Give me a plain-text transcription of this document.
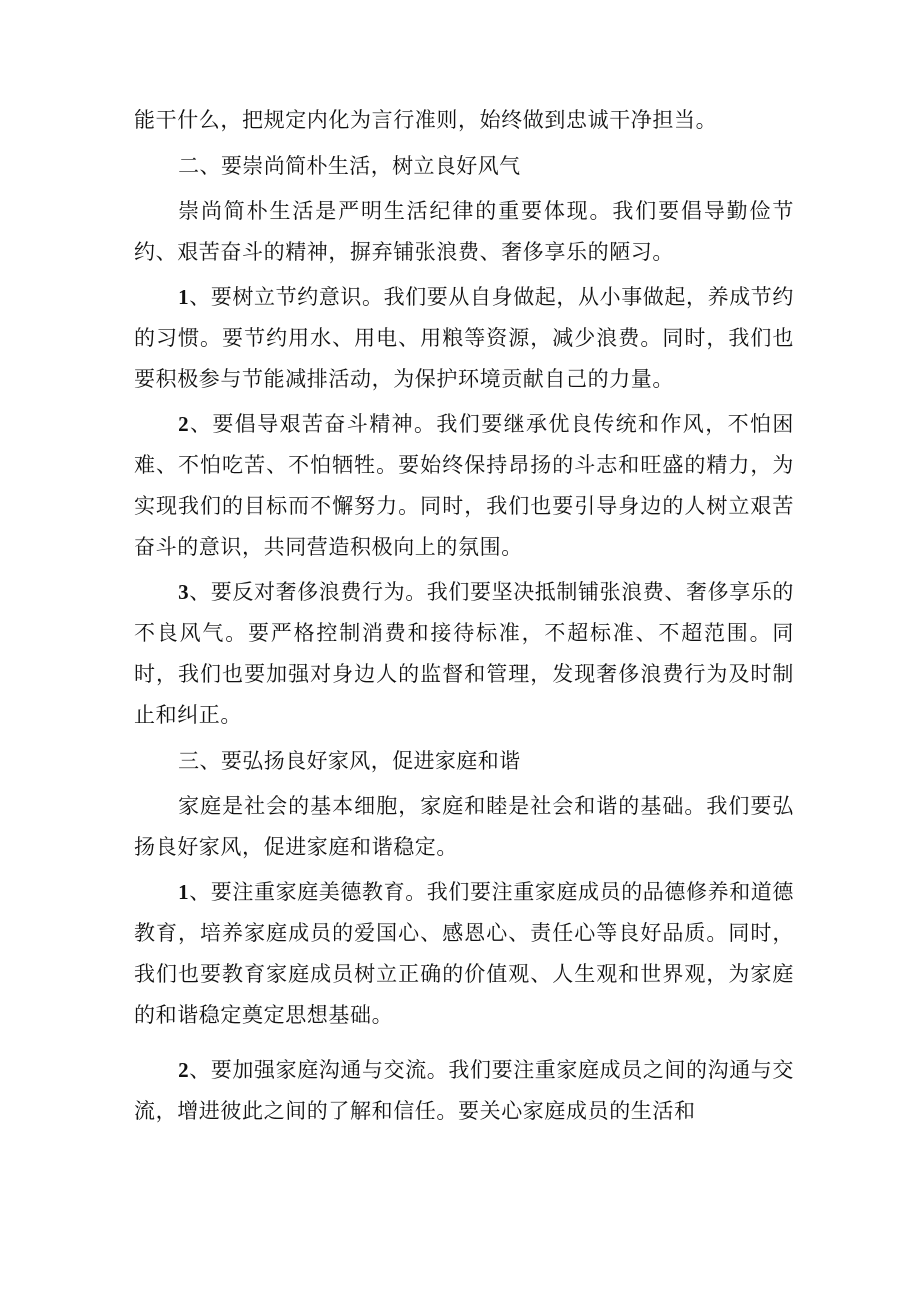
能干什么，把规定内化为言行准则，始终做到忠诚干净担当。

二、要崇尚简朴生活，树立良好风气

崇尚简朴生活是严明生活纪律的重要体现。我们要倡导勤俭节约、艰苦奋斗的精神，摒弃铺张浪费、奢侈享乐的陋习。

1、要树立节约意识。我们要从自身做起，从小事做起，养成节约的习惯。要节约用水、用电、用粮等资源，减少浪费。同时，我们也要积极参与节能减排活动，为保护环境贡献自己的力量。

2、要倡导艰苦奋斗精神。我们要继承优良传统和作风，不怕困难、不怕吃苦、不怕牺牲。要始终保持昂扬的斗志和旺盛的精力，为实现我们的目标而不懈努力。同时，我们也要引导身边的人树立艰苦奋斗的意识，共同营造积极向上的氛围。

3、要反对奢侈浪费行为。我们要坚决抵制铺张浪费、奢侈享乐的不良风气。要严格控制消费和接待标准，不超标准、不超范围。同时，我们也要加强对身边人的监督和管理，发现奢侈浪费行为及时制止和纠正。

三、要弘扬良好家风，促进家庭和谐

家庭是社会的基本细胞，家庭和睦是社会和谐的基础。我们要弘扬良好家风，促进家庭和谐稳定。

1、要注重家庭美德教育。我们要注重家庭成员的品德修养和道德教育，培养家庭成员的爱国心、感恩心、责任心等良好品质。同时，我们也要教育家庭成员树立正确的价值观、人生观和世界观，为家庭的和谐稳定奠定思想基础。

2、要加强家庭沟通与交流。我们要注重家庭成员之间的沟通与交流，增进彼此之间的了解和信任。要关心家庭成员的生活和
